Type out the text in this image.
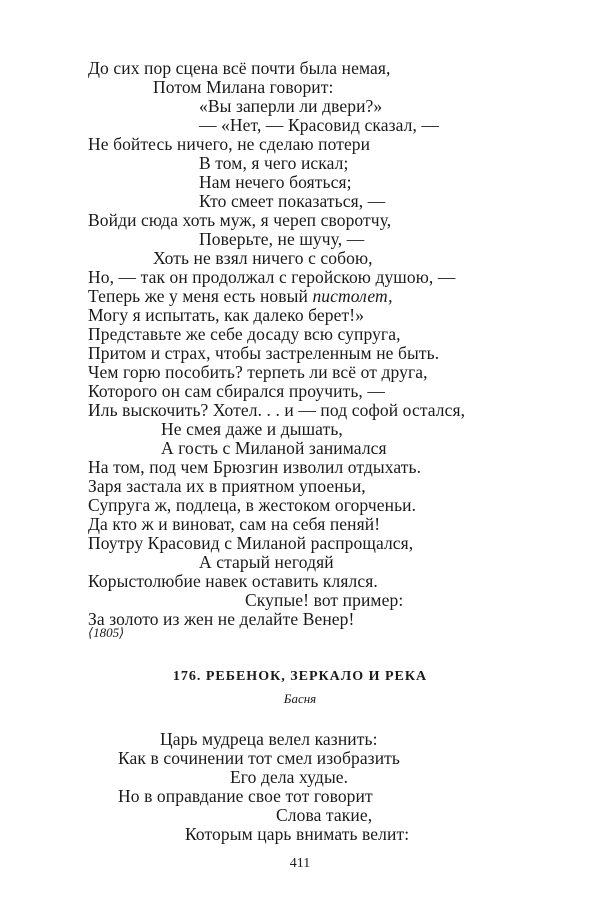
До сих пор сцена всё почти была немая,
Потом Милана говорит:
«Вы заперли ли двери?»
— «Нет, — Красовид сказал, —
Не бойтесь ничего, не сделаю потери
В том, я чего искал;
Нам нечего бояться;
Кто смеет показаться, —
Войди сюда хоть муж, я череп своротчу,
Поверьте, не шучу, —
Хоть не взял ничего с собою,
Но, — так он продолжал с геройскою душою, —
Теперь же у меня есть новый пистолет,
Могу я испытать, как далеко берет!»
Представьте же себе досаду всю супруга,
Притом и страх, чтобы застреленным не быть.
Чем горю пособить? терпеть ли всё от друга,
Которого он сам сбирался проучить, —
Иль выскочить? Хотел. . . и — под софой остался,
Не смея даже и дышать,
А гость с Миланой занимался
На том, под чем Брюзгин изволил отдыхать.
Заря застала их в приятном упоеньи,
Супруга ж, подлеца, в жестоком огорченьи.
Да кто ж и виноват, сам на себя пеняй!
Поутру Красовид с Миланой распрощался,
А старый негодяй
Корыстолюбие навек оставить клялся.
Скупые! вот пример:
За золото из жен не делайте Венер!
⟨1805⟩
176. РЕБЕНОК, ЗЕРКАЛО И РЕКА
Басня
Царь мудреца велел казнить:
Как в сочинении тот смел изобразить
Его дела худые.
Но в оправдание свое тот говорит
Слова такие,
Которым царь внимать велит:
411
